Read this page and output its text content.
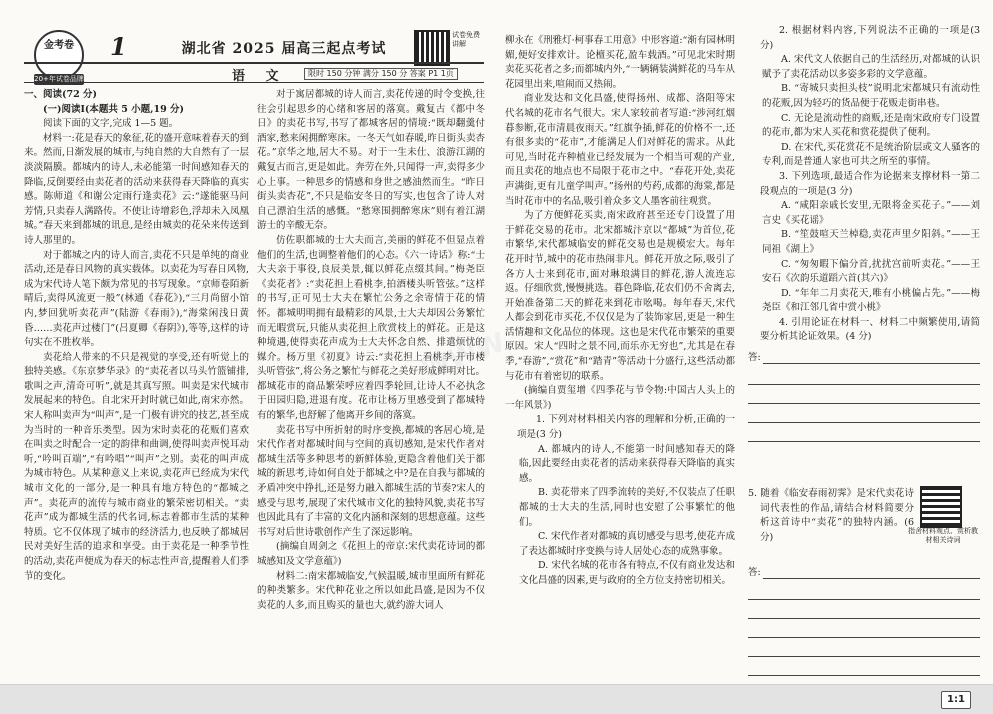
金考卷
20+年试卷品牌
1	湖北省 2025 届高三起点考试
试卷免费讲解
语 文	限时 150 分钟 满分 150 分 答案 P1 1页
WWW.

一、阅读(72 分)

(一)阅读Ⅰ(本题共 5 小题,19 分)

阅读下面的文字,完成 1—5 题。

材料一:花是春天的象征,花的盛开意味着春天的到来。然而,日渐发展的城市,与纯自然的大自然有了一层淡淡隔膜。都城内的诗人,未必能第一时间感知春天的降临,反倒要经由卖花者的活动来获得春天降临的真实感。陈师道《和谢公定雨行逢卖花》云:“遂能驱马问芳情,只卖春人满路传。不使让诗增彩色,浮却未入凤凰城。”春天来到都城的讯息,是经由城卖的花朵来传送到诗人那里的。

对于都城之内的诗人而言,卖花不只是单纯的商业活动,还是春日风物的真实载体。以卖花为写春日风物,成为宋代诗人笔下颇为常见的书写现象。“京师卷陌新晴后,卖得风流更一般”(林通《春花》),“三月尚留小馆内,梦回犹听卖花声”(陆游《春雨》),“海棠闲浅日黄昏……卖花声过楼门”(吕夏卿《春阴》),等等,这样的诗句实在不胜枚举。

卖花给人带来的不只是视觉的享受,还有听觉上的独特美感。《东京梦华录》的“卖花者以马头竹篮铺排,歌叫之声,清奇可听”,就是其真写照。叫卖是宋代城市发展起来的特色。自北宋开封时就已如此,南宋亦然。宋人称叫卖声为“叫声”,是一门极有讲究的技艺,甚至成为当时的一种音乐类型。因为宋时卖花的花贩们喜欢在叫卖之时配合一定的韵律和曲调,使得叫卖声悦耳动听,“吟叫百端”,“有吟唱”“叫声”之别。卖花的叫声成为城市特色。从某种意义上来说,卖花声已经成为宋代城市文化的一部分,是一种具有地方特色的“都城之声”。卖花声的流传与城市商业的繁荣密切相关。“卖花声”成为都城生活的代名词,标志着都市生活的某种特质。它不仅体现了城市的经济活力,也反映了都城居民对美好生活的追求和享受。由于卖花是一种季节性的活动,卖花声便成为春天的标志性声音,提醒着人们季节的变化。

对于寓居都城的诗人而言,卖花传递的时令变换,往往会引起思乡的心绪和客居的落寞。戴复古《都中冬日》的卖花书写,书写了都城客居的情境:“既却翻羹付酒家,愁来闲拥醉寒床。一冬天气如春暖,昨日街头卖杏花。”京华之地,居大不易。对于一生未仕、浪游江湖的戴复古而言,更是如此。奔劳在外,只闻得一声,卖得多少心上事。一种思乡的情感和身世之感油然而生。“昨日街头卖杏花”,不只是临安冬日的写实,也包含了诗人对自己漂泊生活的感慨。“愁寒围拥醉寒床”则有着江湖游士的辛酸无奈。

仿佐职都城的士大夫而言,美丽的鲜花不但显点着他们的生活,也调整着他们的心态。《六一诗话》称:“士大夫亲于事役,良辰美景,辄以鲜花点缀其间。”梅尧臣《卖花者》:“卖花担上看桃李,拍酒楼头听管弦。”这样的书写,正可见士大夫在繁忙公务之余寄情于花的情怀。都城明明拥有最精彩的风景,士大夫却因公务繁忙而无暇赏玩,只能从卖花担上欣赏枝上的鲜花。正是这种境遇,使得卖花声成为士大夫怀念自然、排遣烦忧的媒介。杨万里《初夏》诗云:“卖花担上看桃李,开市楼头听管弦”,将公务之繁忙与鲜花之美好形成鲜明对比。都城花市的商品繁荣呼应着四季轮回,让诗人不必执念于田园归隐,进退有度。花市让杨万里感受到了都城特有的繁华,也舒解了他离开乡间的落寞。

卖花书写中所折射的时序变换,都城的客居心境,是宋代作者对都城时间与空间的真切感知,是宋代作者对都城生活等多种思考的新鲜体验,更隐含着他们关于都城的新思考,诗如何自处于都城之中?是在自我与都城的矛盾冲突中挣扎,还是努力融入都城生活的节奏?宋人的感受与思考,展现了宋代城市文化的独特风貌,卖花书写也因此具有了丰富的文化内涵和深刻的思想意蕴。这些书写对后世诗歌创作产生了深远影响。

(摘编自周剑之《花担上的帝京:宋代卖花诗词的都城感知及文学意蕴》)

材料二:南宋都城临安,气候温暖,城市里面所有鲜花的种类繁多。宋代种花业之所以如此昌盛,是因为不仅卖花的人多,而且购买的量也大,就约游大词人

柳永在《刑雅灯·柯事春工用意》中形容道:“渐有园林明媚,便好安排欢计。论檀买花,盈车载酒。”可见北宋时期卖花买花者之多;而都城内外,“一辆辆装满鲜花的马车从花园里出来,喧闹而又热闹。

商业发达和文化昌盛,使得扬州、成都、洛阳等宋代名城的花市名气很大。宋人家较前者写道:“涉河红烟暮参断,花市清晨夜雨天。”红旗争插,鲜花的价格不一,还有很多卖的“花市”,才能满足人们对鲜花的需求。从此可见,当时花卉种植业已经发展为一个相当可观的产业,而且卖花的地点也不局限于花市之中。“春花开处,卖花声满街,更有儿童学叫声。”扬州的芍药,成都的海棠,都是当时花市中的名品,吸引着众多文人墨客前往观赏。

为了方便鲜花买卖,南宋政府甚至还专门设置了用于鲜花交易的花市。北宋都城汴京以“都城”为首位,花市繁华,宋代都城临安的鲜花交易也是规模宏大。每年花开时节,城中的花市热闹非凡。鲜花开放之际,吸引了各方人士来到花市,面对琳琅满目的鲜花,游人流连忘返。仔细欣赏,慢慢挑选。暮色降临,花农们仍不舍离去,开始准备第二天的鲜花来到花市吆喝。每年春天,宋代人都会到花市买花,不仅仅是为了装饰家居,更是一种生活情趣和文化品位的体现。这也是宋代花市繁荣的重要原因。宋人“四时之景不同,而乐亦无穷也”,尤其是在春季,“春游”,“赏花”和“踏青”等活动十分盛行,这些活动都与花市有着密切的联系。

(摘编自贾玺增《四季花与节令物:中国古人头上的一年风景》)

1. 下列对材料相关内容的理解和分析,正确的一项是(3 分)

A. 都城内的诗人,不能第一时间感知春天的降临,因此要经由卖花者的活动来获得春天降临的真实感。

B. 卖花带来了四季流转的美好,不仅装点了任职都城的士大夫的生活,同时也安慰了公事繁忙的他们。

C. 宋代作者对都城的真切感受与思考,使花卉成了表达都城时序变换与诗人居处心态的成熟事象。

D. 宋代名城的花市各有特点,不仅有商业发达和文化昌盛的因素,更与政府的全方位支持密切相关。

2. 根据材料内容,下列说法不正确的一项是(3 分)

A. 宋代文人依据自己的生活经历,对都城的认识赋予了卖花活动以多姿多彩的文学意蕴。

B. “寄城只卖担头枝”说明北宋都城只有流动性的花贩,因为轻巧的货品便于花贩走街串巷。

C. 无论是流动性的商贩,还是南宋政府专门设置的花市,都为宋人买花和赏花提供了便利。

D. 在宋代,买花赏花不是统治阶层或文人骚客的专利,而是普通人家也可共之所至的事情。

3. 下列选项,最适合作为论据来支撑材料一第二段观点的一项是(3 分)

A. “咸阳亲戚长安里,无限将金买花子。”——刘言史《买花谣》

B. “笙鼓喧天兰棹稳,卖花声里夕阳斜。”——王同祖《湖上》

C. “匆匆暇下偏分首,扰扰宫前听卖花。”——王安石《次韵乐道蹈六首(其六)》

D. “年年二月卖花天,唯有小桃偏占先。”——梅尧臣《和江邻几省中赏小桃》

4. 引用论证在材料一、材料二中频繁使用,请简要分析其论证效果。(4 分)

答:

5. 随着《临安春雨初霁》是宋代卖花诗词代表性的作品,请结合材料简要分析这首诗中“卖花”的独特内涵。(6 分)

指舍材料观点、赏析教材相关诗词
答:
1:1
